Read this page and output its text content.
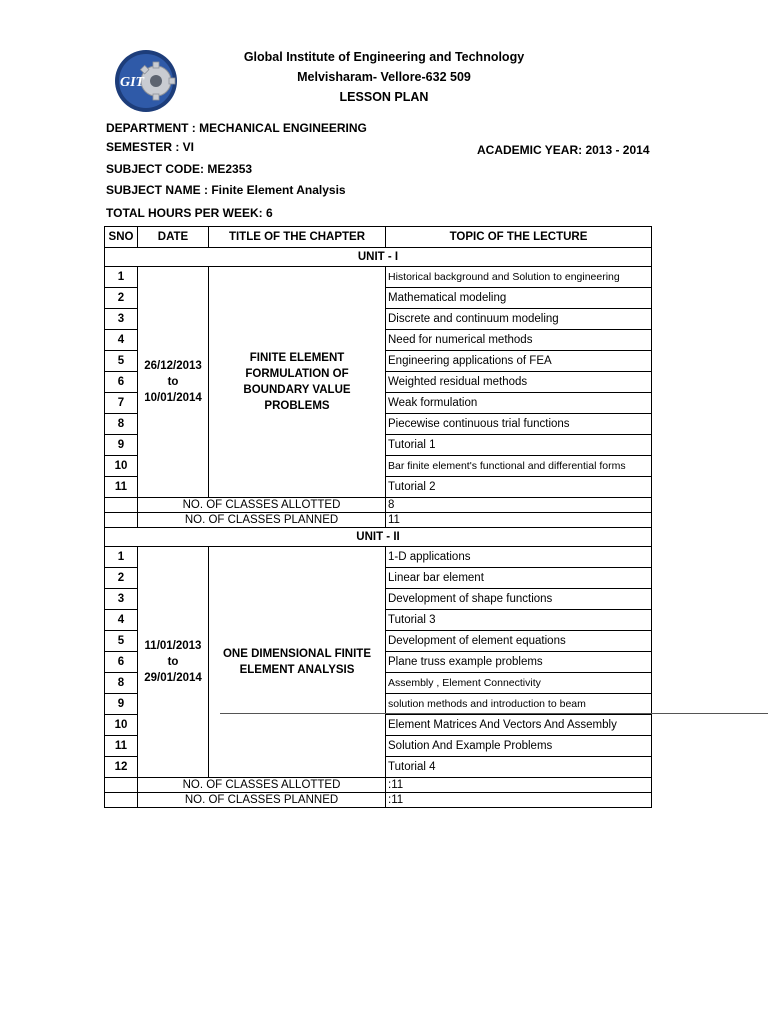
GIT
Global Institute of Engineering and Technology
Melvisharam- Vellore-632 509
LESSON PLAN
DEPARTMENT : MECHANICAL ENGINEERING
SEMESTER : VI
SUBJECT CODE: ME2353
SUBJECT NAME : Finite Element Analysis
TOTAL HOURS PER WEEK: 6
ACADEMIC YEAR: 2013 - 2014
SNO	DATE	TITLE OF THE CHAPTER	TOPIC OF THE LECTURE
UNIT - I			
1	26/12/2013 to 10/01/2014	FINITE ELEMENT FORMULATION OF BOUNDARY VALUE PROBLEMS	Historical background and Solution to engineering
2			Mathematical modeling
3			Discrete and continuum modeling
4			Need for numerical methods
5			Engineering applications of FEA
6			Weighted residual methods
7			Weak formulation
8			Piecewise continuous trial functions
9			Tutorial 1
10			Bar finite element's functional and differential forms
11			Tutorial 2
	NO. OF CLASSES ALLOTTED		8
	NO. OF CLASSES PLANNED		11
UNIT - II			
1	11/01/2013 to 29/01/2014	ONE DIMENSIONAL FINITE ELEMENT ANALYSIS	1-D applications
2			Linear bar element
3			Development of shape functions
4			Tutorial 3
5			Development of element equations
6			Plane truss example problems
8			Assembly , Element Connectivity
9			solution methods and introduction to beam
10			Element Matrices And Vectors And Assembly
11			Solution And Example Problems
12			Tutorial 4
	NO. OF CLASSES ALLOTTED		:11
	NO. OF CLASSES PLANNED		:11
